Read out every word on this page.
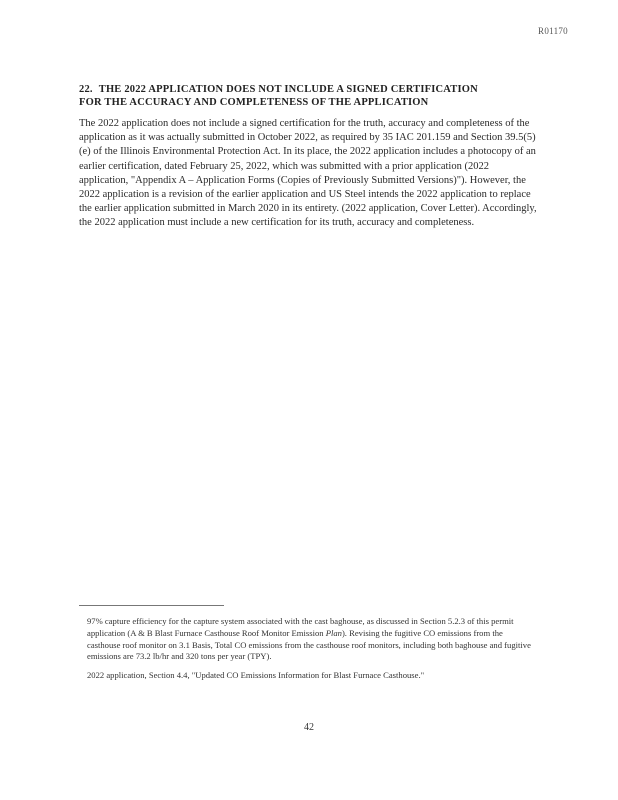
R01170
22. THE 2022 APPLICATION DOES NOT INCLUDE A SIGNED CERTIFICATION
FOR THE ACCURACY AND COMPLETENESS OF THE APPLICATION

The 2022 application does not include a signed certification for the truth, accuracy and completeness of the application as it was actually submitted in October 2022, as required by 35 IAC 201.159 and Section 39.5(5)(e) of the Illinois Environmental Protection Act. In its place, the 2022 application includes a photocopy of an earlier certification, dated February 25, 2022, which was submitted with a prior application (2022 application, "Appendix A – Application Forms (Copies of Previously Submitted Versions)"). However, the 2022 application is a revision of the earlier application and US Steel intends the 2022 application to replace the earlier application submitted in March 2020 in its entirety. (2022 application, Cover Letter). Accordingly, the 2022 application must include a new certification for its truth, accuracy and completeness.

97% capture efficiency for the capture system associated with the cast baghouse, as discussed in Section 5.2.3 of this permit application (A & B Blast Furnace Casthouse Roof Monitor Emission Plan). Revising the fugitive CO emissions from the casthouse roof monitor on 3.1 Basis, Total CO emissions from the casthouse roof monitors, including both baghouse and fugitive emissions are 73.2 lb/hr and 320 tons per year (TPY).

2022 application, Section 4.4, "Updated CO Emissions Information for Blast Furnace Casthouse."

42
